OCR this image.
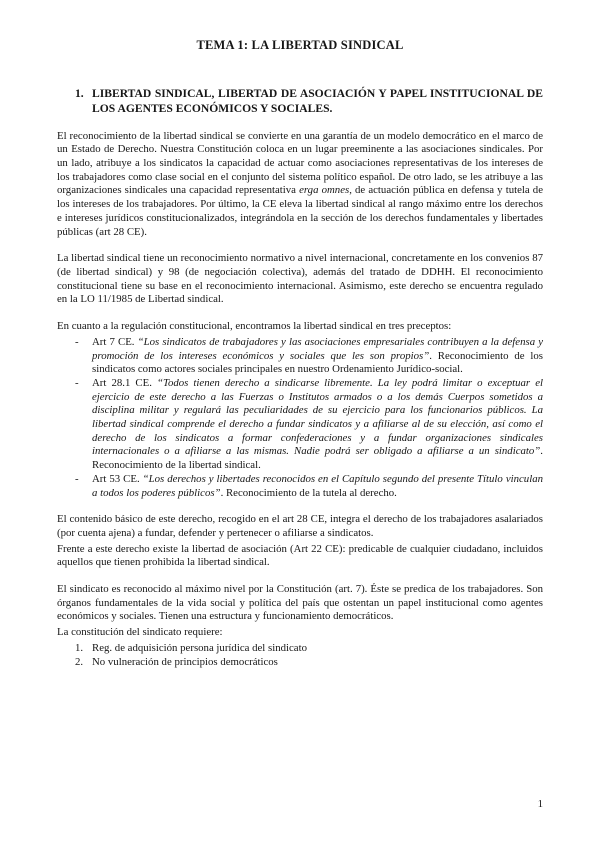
TEMA 1: LA LIBERTAD SINDICAL
1. LIBERTAD SINDICAL, LIBERTAD DE ASOCIACIÓN Y PAPEL INSTITUCIONAL DE LOS AGENTES ECONÓMICOS Y SOCIALES.

El reconocimiento de la libertad sindical se convierte en una garantía de un modelo democrático en el marco de un Estado de Derecho. Nuestra Constitución coloca en un lugar preeminente a las asociaciones sindicales. Por un lado, atribuye a los sindicatos la capacidad de actuar como asociaciones representativas de los intereses de los trabajadores como clase social en el conjunto del sistema político español. De otro lado, se les atribuye a las organizaciones sindicales una capacidad representativa erga omnes, de actuación pública en defensa y tutela de los intereses de los trabajadores. Por último, la CE eleva la libertad sindical al rango máximo entre los derechos e intereses jurídicos constitucionalizados, integrándola en la sección de los derechos fundamentales y libertades públicas (art 28 CE).

La libertad sindical tiene un reconocimiento normativo a nivel internacional, concretamente en los convenios 87 (de libertad sindical) y 98 (de negociación colectiva), además del tratado de DDHH. El reconocimiento constitucional tiene su base en el reconocimiento internacional. Asimismo, este derecho se encuentra regulado en la LO 11/1985 de Libertad sindical.

En cuanto a la regulación constitucional, encontramos la libertad sindical en tres preceptos:

-	Art 7 CE. “Los sindicatos de trabajadores y las asociaciones empresariales contribuyen a la defensa y promoción de los intereses económicos y sociales que les son propios”. Reconocimiento de los sindicatos como actores sociales principales en nuestro Ordenamiento Jurídico-social.
-	Art 28.1 CE. “Todos tienen derecho a sindicarse libremente. La ley podrá limitar o exceptuar el ejercicio de este derecho a las Fuerzas o Institutos armados o a los demás Cuerpos sometidos a disciplina militar y regulará las peculiaridades de su ejercicio para los funcionarios públicos. La libertad sindical comprende el derecho a fundar sindicatos y a afiliarse al de su elección, así como el derecho de los sindicatos a formar confederaciones y a fundar organizaciones sindicales internacionales o a afiliarse a las mismas. Nadie podrá ser obligado a afiliarse a un sindicato”. Reconocimiento de la libertad sindical.
-	Art 53 CE. “Los derechos y libertades reconocidos en el Capítulo segundo del presente Título vinculan a todos los poderes públicos”. Reconocimiento de la tutela al derecho.

El contenido básico de este derecho, recogido en el art 28 CE, integra el derecho de los trabajadores asalariados (por cuenta ajena) a fundar, defender y pertenecer o afiliarse a sindicatos.

Frente a este derecho existe la libertad de asociación (Art 22 CE): predicable de cualquier ciudadano, incluidos aquellos que tienen prohibida la libertad sindical.

El sindicato es reconocido al máximo nivel por la Constitución (art. 7). Éste se predica de los trabajadores. Son órganos fundamentales de la vida social y política del país que ostentan un papel institucional como agentes económicos y sociales. Tienen una estructura y funcionamiento democráticos.

La constitución del sindicato requiere:

1. Reg. de adquisición persona jurídica del sindicato
2. No vulneración de principios democráticos
1
